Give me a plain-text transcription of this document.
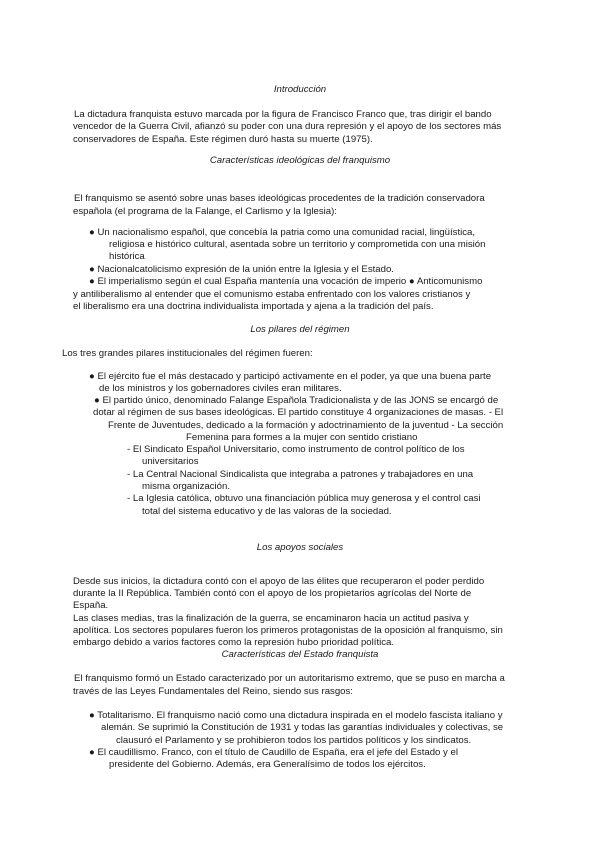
Introducción
La dictadura franquista estuvo marcada por la figura de Francisco Franco que, tras dirigir el bando
vencedor de la Guerra Civil, afianzó su poder con una dura represión y el apoyo de los sectores más
conservadores de España. Este régimen duró hasta su muerte (1975).
Características ideológicas del franquismo
El franquismo se asentó sobre unas bases ideológicas procedentes de la tradición conservadora
española (el programa de la Falange, el Carlismo y la Iglesia):
● Un nacionalismo español, que concebía la patria como una comunidad racial, lingüística,
religiosa e histórico cultural, asentada sobre un territorio y comprometida con una misión
histórica
● Nacionalcatolicismo expresión de la unión entre la Iglesia y el Estado.
● El imperialismo según el cual España mantenía una vocación de imperio ● Anticomunismo
y antiliberalismo al entender que el comunismo estaba enfrentado con los valores cristianos y
el liberalismo era una doctrina individualista importada y ajena a la tradición del país.
Los pilares del régimen
Los tres grandes pilares institucionales del régimen fueren:
● El ejército fue el más destacado y participó activamente en el poder, ya que una buena parte
de los ministros y los gobernadores civiles eran militares.
● El partido único, denominado Falange Española Tradicionalista y de las JONS se encargó de
dotar al régimen de sus bases ideológicas. El partido constituye 4 organizaciones de masas. - El
Frente de Juventudes, dedicado a la formación y adoctrinamiento de la juventud - La sección
Femenina para formes a la mujer con sentido cristiano
- El Sindicato Español Universitario, como instrumento de control político de los
universitarios
- La Central Nacional Sindicalista que integraba a patrones y trabajadores en una
misma organización.
- La Iglesia católica, obtuvo una financiación pública muy generosa y el control casi
total del sistema educativo y de las valoras de la sociedad.
Los apoyos sociales
Desde sus inicios, la dictadura contó con el apoyo de las élites que recuperaron el poder perdido
durante la II República. También contó con el apoyo de los propietarios agrícolas del Norte de
España.
Las clases medias, tras la finalización de la guerra, se encaminaron hacia un actitud pasiva y
apolítica. Los sectores populares fueron los primeros protagonistas de la oposición al franquismo, sin
embargo debido a varios factores como la represión hubo prioridad política.
Características del Estado franquista
El franquismo formó un Estado caracterizado por un autoritarismo extremo, que se puso en marcha a
través de las Leyes Fundamentales del Reino, siendo sus rasgos:
● Totalitarismo. El franquismo nació como una dictadura inspirada en el modelo fascista italiano y
alemán. Se suprimió la Constitución de 1931 y todas las garantías individuales y colectivas, se
clausuró el Parlamento y se prohibieron todos los partidos políticos y los sindicatos.
● El caudillismo. Franco, con el título de Caudillo de España, era el jefe del Estado y el
presidente del Gobierno. Además, era Generalísimo de todos los ejércitos.
